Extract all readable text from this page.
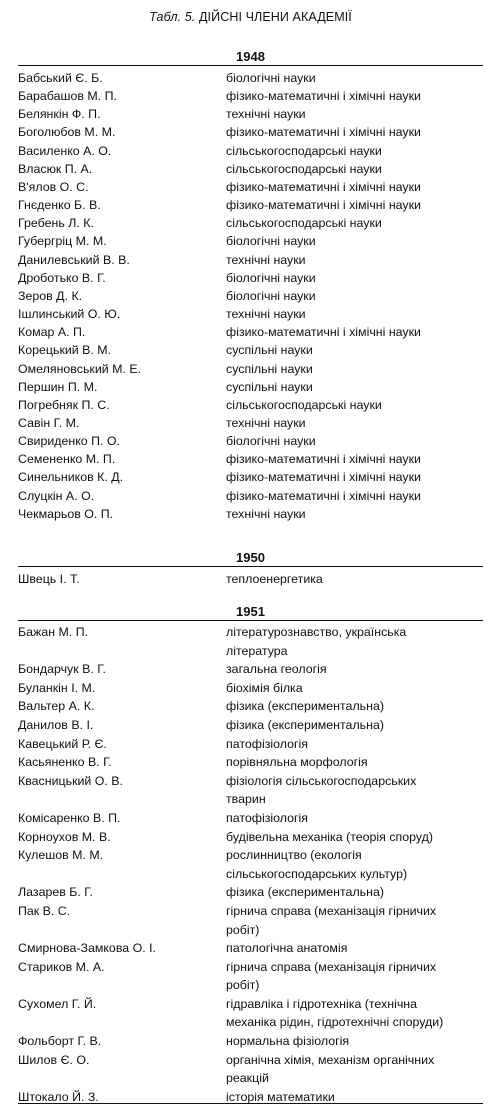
Табл. 5. ДІЙСНІ ЧЛЕНИ АКАДЕМІЇ
1948
Бабський Є. Б.	біологічні науки
Барабашов М. П.	фізико-математичні і хімічні науки
Белянкін Ф. П.	технічні науки
Боголюбов М. М.	фізико-математичні і хімічні науки
Василенко А. О.	сільськогосподарські науки
Власюк П. А.	сільськогосподарські науки
В'ялов О. С.	фізико-математичні і хімічні науки
Гнєденко Б. В.	фізико-математичні і хімічні науки
Гребень Л. К.	сільськогосподарські науки
Губергріц М. М.	біологічні науки
Данилевський В. В.	технічні науки
Дроботько В. Г.	біологічні науки
Зеров Д. К.	біологічні науки
Ішлинський О. Ю.	технічні науки
Комар А. П.	фізико-математичні і хімічні науки
Корецький В. М.	суспільні науки
Омеляновський М. Е.	суспільні науки
Першин П. М.	суспільні науки
Погребняк П. С.	сільськогосподарські науки
Савін Г. М.	технічні науки
Свириденко П. О.	біологічні науки
Семененко М. П.	фізико-математичні і хімічні науки
Синельников К. Д.	фізико-математичні і хімічні науки
Слуцкін А. О.	фізико-математичні і хімічні науки
Чекмарьов О. П.	технічні науки
1950
Швець І. Т.	теплоенергетика
1951
Бажан М. П.	літературознавство, українська
література
Бондарчук В. Г.	загальна геологія
Буланкін І. М.	біохімія білка
Вальтер А. К.	фізика (експериментальна)
Данилов В. І.	фізика (експериментальна)
Кавецький Р. Є.	патофізіологія
Касьяненко В. Г.	порівняльна морфологія
Квасницький О. В.	фізіологія сільськогосподарських
тварин
Комісаренко В. П.	патофізіологія
Корноухов М. В.	будівельна механіка (теорія споруд)
Кулешов М. М.	рослинництво (екологія
сільськогосподарських культур)
Лазарев Б. Г.	фізика (експериментальна)
Пак В. С.	гірнича справа (механізація гірничих
робіт)
Смирнова-Замкова О. І.	патологічна анатомія
Стариков М. А.	гірнича справа (механізація гірничих
робіт)
Сухомел Г. Й.	гідравліка і гідротехніка (технічна
механіка рідин, гідротехнічні споруди)
Фольборт Г. В.	нормальна фізіологія
Шилов Є. О.	органічна хімія, механізм органічних
реакцій
Штокало Й. З.	історія математики
